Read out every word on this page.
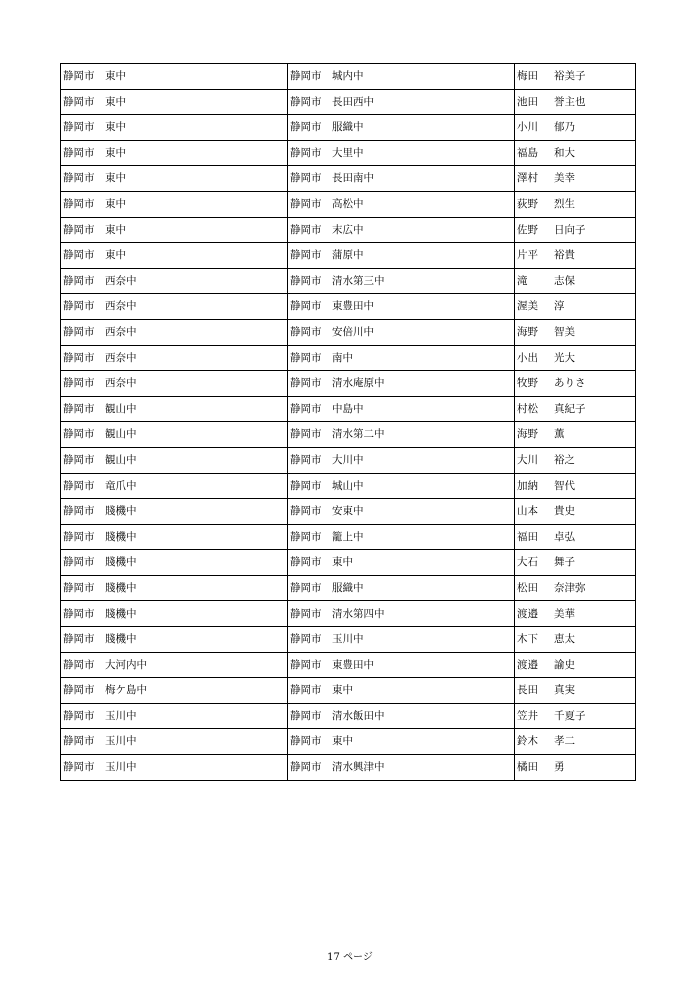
静岡市 東中	静岡市 城内中	梅田 裕美子
静岡市 東中	静岡市 長田西中	池田 誉主也
静岡市 東中	静岡市 服織中	小川 郁乃
静岡市 東中	静岡市 大里中	福島 和大
静岡市 東中	静岡市 長田南中	澤村 美幸
静岡市 東中	静岡市 高松中	荻野 烈生
静岡市 東中	静岡市 末広中	佐野 日向子
静岡市 東中	静岡市 蒲原中	片平 裕貴
静岡市 西奈中	静岡市 清水第三中	滝 志保
静岡市 西奈中	静岡市 東豊田中	渥美 淳
静岡市 西奈中	静岡市 安倍川中	海野 智美
静岡市 西奈中	静岡市 南中	小出 光大
静岡市 西奈中	静岡市 清水庵原中	牧野 ありさ
静岡市 観山中	静岡市 中島中	村松 真紀子
静岡市 観山中	静岡市 清水第二中	海野 薫
静岡市 観山中	静岡市 大川中	大川 裕之
静岡市 竜爪中	静岡市 城山中	加納 智代
静岡市 賤機中	静岡市 安東中	山本 貴史
静岡市 賤機中	静岡市 籠上中	福田 卓弘
静岡市 賤機中	静岡市 東中	大石 舞子
静岡市 賤機中	静岡市 服織中	松田 奈津弥
静岡市 賤機中	静岡市 清水第四中	渡邉 美華
静岡市 賤機中	静岡市 玉川中	木下 恵太
静岡市 大河内中	静岡市 東豊田中	渡邉 諭史
静岡市 梅ケ島中	静岡市 東中	長田 真実
静岡市 玉川中	静岡市 清水飯田中	笠井 千夏子
静岡市 玉川中	静岡市 東中	鈴木 孝二
静岡市 玉川中	静岡市 清水興津中	橘田 勇
17 ページ
